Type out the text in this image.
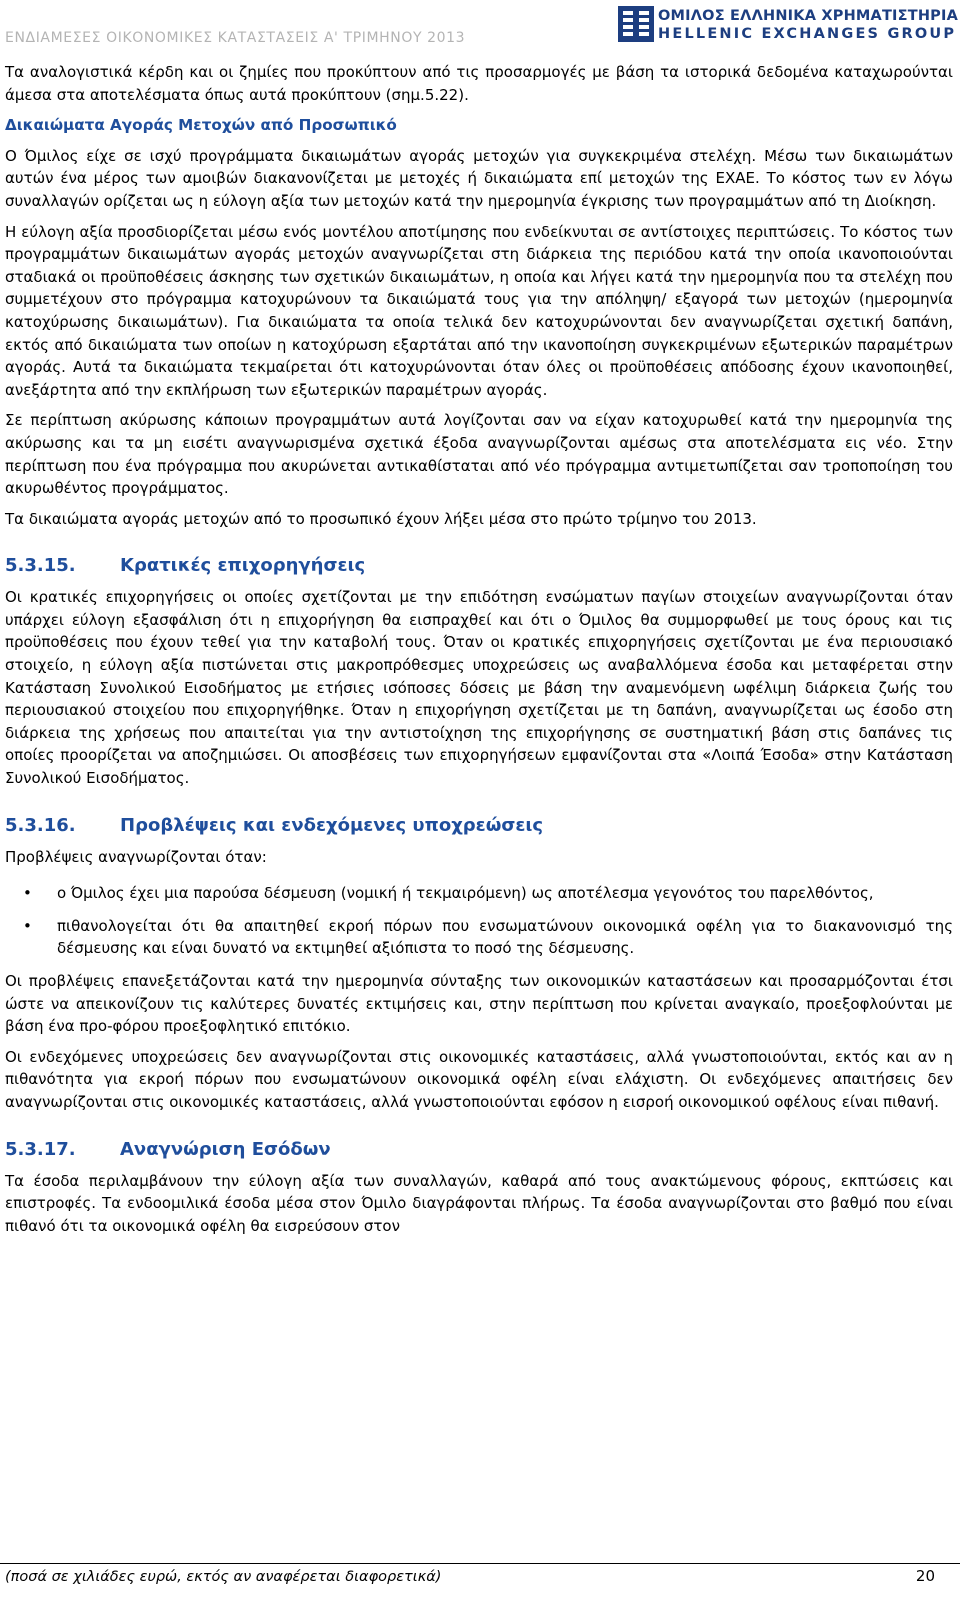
ΕΝΔΙΑΜΕΣΕΣ ΟΙΚΟΝΟΜΙΚΕΣ ΚΑΤΑΣΤΑΣΕΙΣ Α' ΤΡΙΜΗΝΟΥ 2013
ΟΜΙΛΟΣ ΕΛΛΗΝΙΚΑ ΧΡΗΜΑΤΙΣΤΗΡΙΑ
HELLENIC EXCHANGES GROUP

Τα αναλογιστικά κέρδη και οι ζημίες που προκύπτουν από τις προσαρμογές με βάση τα ιστορικά δεδομένα καταχωρούνται άμεσα στα αποτελέσματα όπως αυτά προκύπτουν (σημ.5.22).

Δικαιώματα Αγοράς Μετοχών από Προσωπικό

Ο Όμιλος είχε σε ισχύ προγράμματα δικαιωμάτων αγοράς μετοχών για συγκεκριμένα στελέχη. Μέσω των δικαιωμάτων αυτών ένα μέρος των αμοιβών διακανονίζεται με μετοχές ή δικαιώματα επί μετοχών της ΕΧΑΕ. Το κόστος των εν λόγω συναλλαγών ορίζεται ως η εύλογη αξία των μετοχών κατά την ημερομηνία έγκρισης των προγραμμάτων από τη Διοίκηση.

Η εύλογη αξία προσδιορίζεται μέσω ενός μοντέλου αποτίμησης που ενδείκνυται σε αντίστοιχες περιπτώσεις. Το κόστος των προγραμμάτων δικαιωμάτων αγοράς μετοχών αναγνωρίζεται στη διάρκεια της περιόδου κατά την οποία ικανοποιούνται σταδιακά οι προϋποθέσεις άσκησης των σχετικών δικαιωμάτων, η οποία και λήγει κατά την ημερομηνία που τα στελέχη που συμμετέχουν στο πρόγραμμα κατοχυρώνουν τα δικαιώματά τους για την απόληψη/ εξαγορά των μετοχών (ημερομηνία κατοχύρωσης δικαιωμάτων). Για δικαιώματα τα οποία τελικά δεν κατοχυρώνονται δεν αναγνωρίζεται σχετική δαπάνη, εκτός από δικαιώματα των οποίων η κατοχύρωση εξαρτάται από την ικανοποίηση συγκεκριμένων εξωτερικών παραμέτρων αγοράς. Αυτά τα δικαιώματα τεκμαίρεται ότι κατοχυρώνονται όταν όλες οι προϋποθέσεις απόδοσης έχουν ικανοποιηθεί, ανεξάρτητα από την εκπλήρωση των εξωτερικών παραμέτρων αγοράς.

Σε περίπτωση ακύρωσης κάποιων προγραμμάτων αυτά λογίζονται σαν να είχαν κατοχυρωθεί κατά την ημερομηνία της ακύρωσης και τα μη εισέτι αναγνωρισμένα σχετικά έξοδα αναγνωρίζονται αμέσως στα αποτελέσματα εις νέο. Στην περίπτωση που ένα πρόγραμμα που ακυρώνεται αντικαθίσταται από νέο πρόγραμμα αντιμετωπίζεται σαν τροποποίηση του ακυρωθέντος προγράμματος.

Τα δικαιώματα αγοράς μετοχών από το προσωπικό έχουν λήξει μέσα στο πρώτο τρίμηνο του 2013.

5.3.15. Κρατικές επιχορηγήσεις

Οι κρατικές επιχορηγήσεις οι οποίες σχετίζονται με την επιδότηση ενσώματων παγίων στοιχείων αναγνωρίζονται όταν υπάρχει εύλογη εξασφάλιση ότι η επιχορήγηση θα εισπραχθεί και ότι ο Όμιλος θα συμμορφωθεί με τους όρους και τις προϋποθέσεις που έχουν τεθεί για την καταβολή τους. Όταν οι κρατικές επιχορηγήσεις σχετίζονται με ένα περιουσιακό στοιχείο, η εύλογη αξία πιστώνεται στις μακροπρόθεσμες υποχρεώσεις ως αναβαλλόμενα έσοδα και μεταφέρεται στην Κατάσταση Συνολικού Εισοδήματος με ετήσιες ισόποσες δόσεις με βάση την αναμενόμενη ωφέλιμη διάρκεια ζωής του περιουσιακού στοιχείου που επιχορηγήθηκε. Όταν η επιχορήγηση σχετίζεται με τη δαπάνη, αναγνωρίζεται ως έσοδο στη διάρκεια της χρήσεως που απαιτείται για την αντιστοίχηση της επιχορήγησης σε συστηματική βάση στις δαπάνες τις οποίες προορίζεται να αποζημιώσει. Οι αποσβέσεις των επιχορηγήσεων εμφανίζονται στα «Λοιπά Έσοδα» στην Κατάσταση Συνολικού Εισοδήματος.

5.3.16. Προβλέψεις και ενδεχόμενες υποχρεώσεις

Προβλέψεις αναγνωρίζονται όταν:

• ο Όμιλος έχει μια παρούσα δέσμευση (νομική ή τεκμαιρόμενη) ως αποτέλεσμα γεγονότος του παρελθόντος,
• πιθανολογείται ότι θα απαιτηθεί εκροή πόρων που ενσωματώνουν οικονομικά οφέλη για το διακανονισμό της δέσμευσης και είναι δυνατό να εκτιμηθεί αξιόπιστα το ποσό της δέσμευσης.

Οι προβλέψεις επανεξετάζονται κατά την ημερομηνία σύνταξης των οικονομικών καταστάσεων και προσαρμόζονται έτσι ώστε να απεικονίζουν τις καλύτερες δυνατές εκτιμήσεις και, στην περίπτωση που κρίνεται αναγκαίο, προεξοφλούνται με βάση ένα προ-φόρου προεξοφλητικό επιτόκιο.

Οι ενδεχόμενες υποχρεώσεις δεν αναγνωρίζονται στις οικονομικές καταστάσεις, αλλά γνωστοποιούνται, εκτός και αν η πιθανότητα για εκροή πόρων που ενσωματώνουν οικονομικά οφέλη είναι ελάχιστη. Οι ενδεχόμενες απαιτήσεις δεν αναγνωρίζονται στις οικονομικές καταστάσεις, αλλά γνωστοποιούνται εφόσον η εισροή οικονομικού οφέλους είναι πιθανή.

5.3.17. Αναγνώριση Εσόδων

Τα έσοδα περιλαμβάνουν την εύλογη αξία των συναλλαγών, καθαρά από τους ανακτώμενους φόρους, εκπτώσεις και επιστροφές. Τα ενδοομιλικά έσοδα μέσα στον Όμιλο διαγράφονται πλήρως. Τα έσοδα αναγνωρίζονται στο βαθμό που είναι πιθανό ότι τα οικονομικά οφέλη θα εισρεύσουν στον

(ποσά σε χιλιάδες ευρώ, εκτός αν αναφέρεται διαφορετικά)	20
